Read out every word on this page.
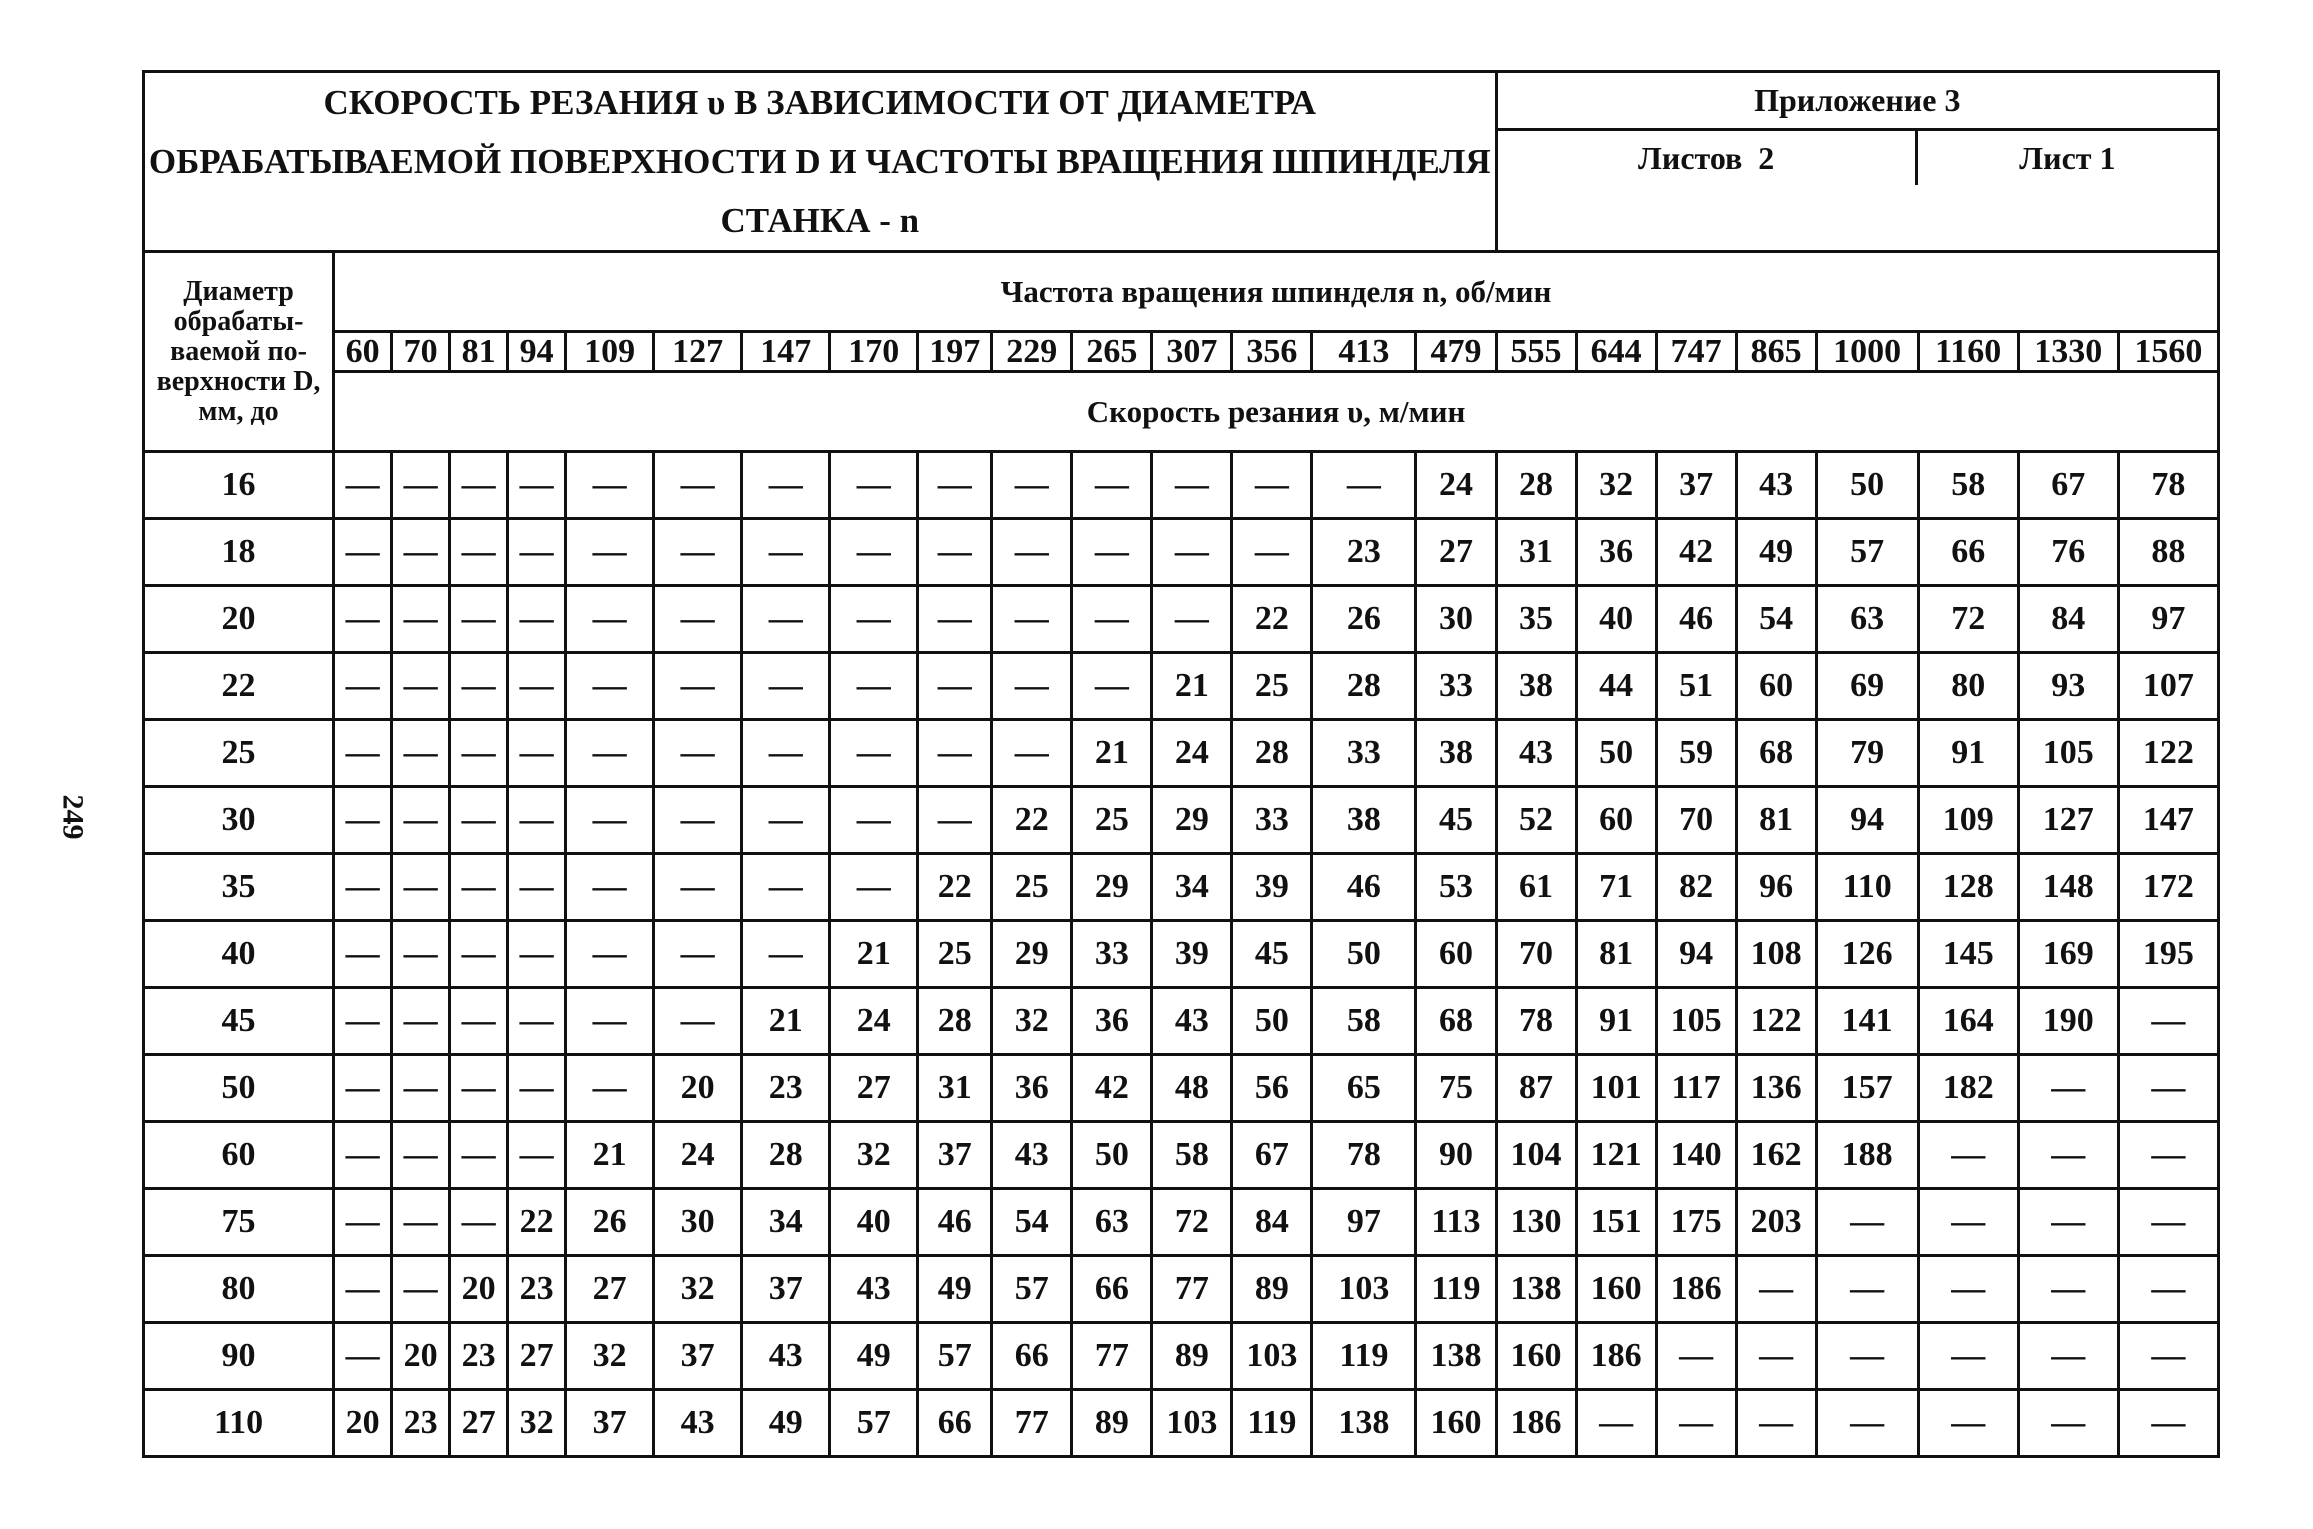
249
СКОРОСТЬ РЕЗАНИЯ υ В ЗАВИСИМОСТИ ОТ ДИАМЕТРА ОБРАБАТЫВАЕМОЙ ПОВЕРХНОСТИ D И ЧАСТОТЫ ВРАЩЕНИЯ ШПИНДЕЛЯ СТАНКА - n																Приложение 3
Листов  2 Лист 1							

Диаметр обрабаты-ваемой по-верхности D, мм, до	Частота вращения шпинделя n, об/мин																						
	60	70	81	94	109	127	147	170	197	229	265	307	356	413	479	555	644	747	865	1000	1160	1330	1560
	Скорость резания υ, м/мин																						
16	—	—	—	—	—	—	—	—	—	—	—	—	—	—	24	28	32	37	43	50	58	67	78
18	—	—	—	—	—	—	—	—	—	—	—	—	—	23	27	31	36	42	49	57	66	76	88
20	—	—	—	—	—	—	—	—	—	—	—	—	22	26	30	35	40	46	54	63	72	84	97
22	—	—	—	—	—	—	—	—	—	—	—	21	25	28	33	38	44	51	60	69	80	93	107
25	—	—	—	—	—	—	—	—	—	—	21	24	28	33	38	43	50	59	68	79	91	105	122
30	—	—	—	—	—	—	—	—	—	22	25	29	33	38	45	52	60	70	81	94	109	127	147
35	—	—	—	—	—	—	—	—	22	25	29	34	39	46	53	61	71	82	96	110	128	148	172
40	—	—	—	—	—	—	—	21	25	29	33	39	45	50	60	70	81	94	108	126	145	169	195
45	—	—	—	—	—	—	21	24	28	32	36	43	50	58	68	78	91	105	122	141	164	190	—
50	—	—	—	—	—	20	23	27	31	36	42	48	56	65	75	87	101	117	136	157	182	—	—
60	—	—	—	—	21	24	28	32	37	43	50	58	67	78	90	104	121	140	162	188	—	—	—
75	—	—	—	22	26	30	34	40	46	54	63	72	84	97	113	130	151	175	203	—	—	—	—
80	—	—	20	23	27	32	37	43	49	57	66	77	89	103	119	138	160	186	—	—	—	—	—
90	—	20	23	27	32	37	43	49	57	66	77	89	103	119	138	160	186	—	—	—	—	—	—
110	20	23	27	32	37	43	49	57	66	77	89	103	119	138	160	186	—	—	—	—	—	—	—
